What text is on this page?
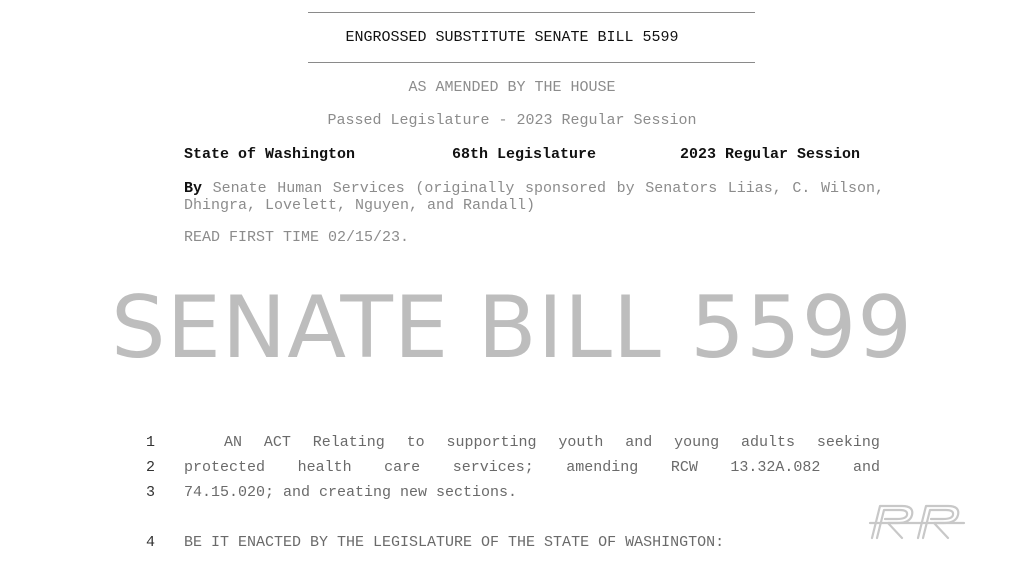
ENGROSSED SUBSTITUTE SENATE BILL 5599
AS AMENDED BY THE HOUSE
Passed Legislature - 2023 Regular Session
State of Washington	68th Legislature	2023 Regular Session
By Senate Human Services (originally sponsored by Senators Liias, C. Wilson, Dhingra, Lovelett, Nguyen, and Randall)
READ FIRST TIME 02/15/23.
SENATE BILL 5599
1	AN ACT Relating to supporting youth and young adults seeking
2 protected health care services; amending RCW 13.32A.082 and
3 74.15.020; and creating new sections.
4 BE IT ENACTED BY THE LEGISLATURE OF THE STATE OF WASHINGTON:
